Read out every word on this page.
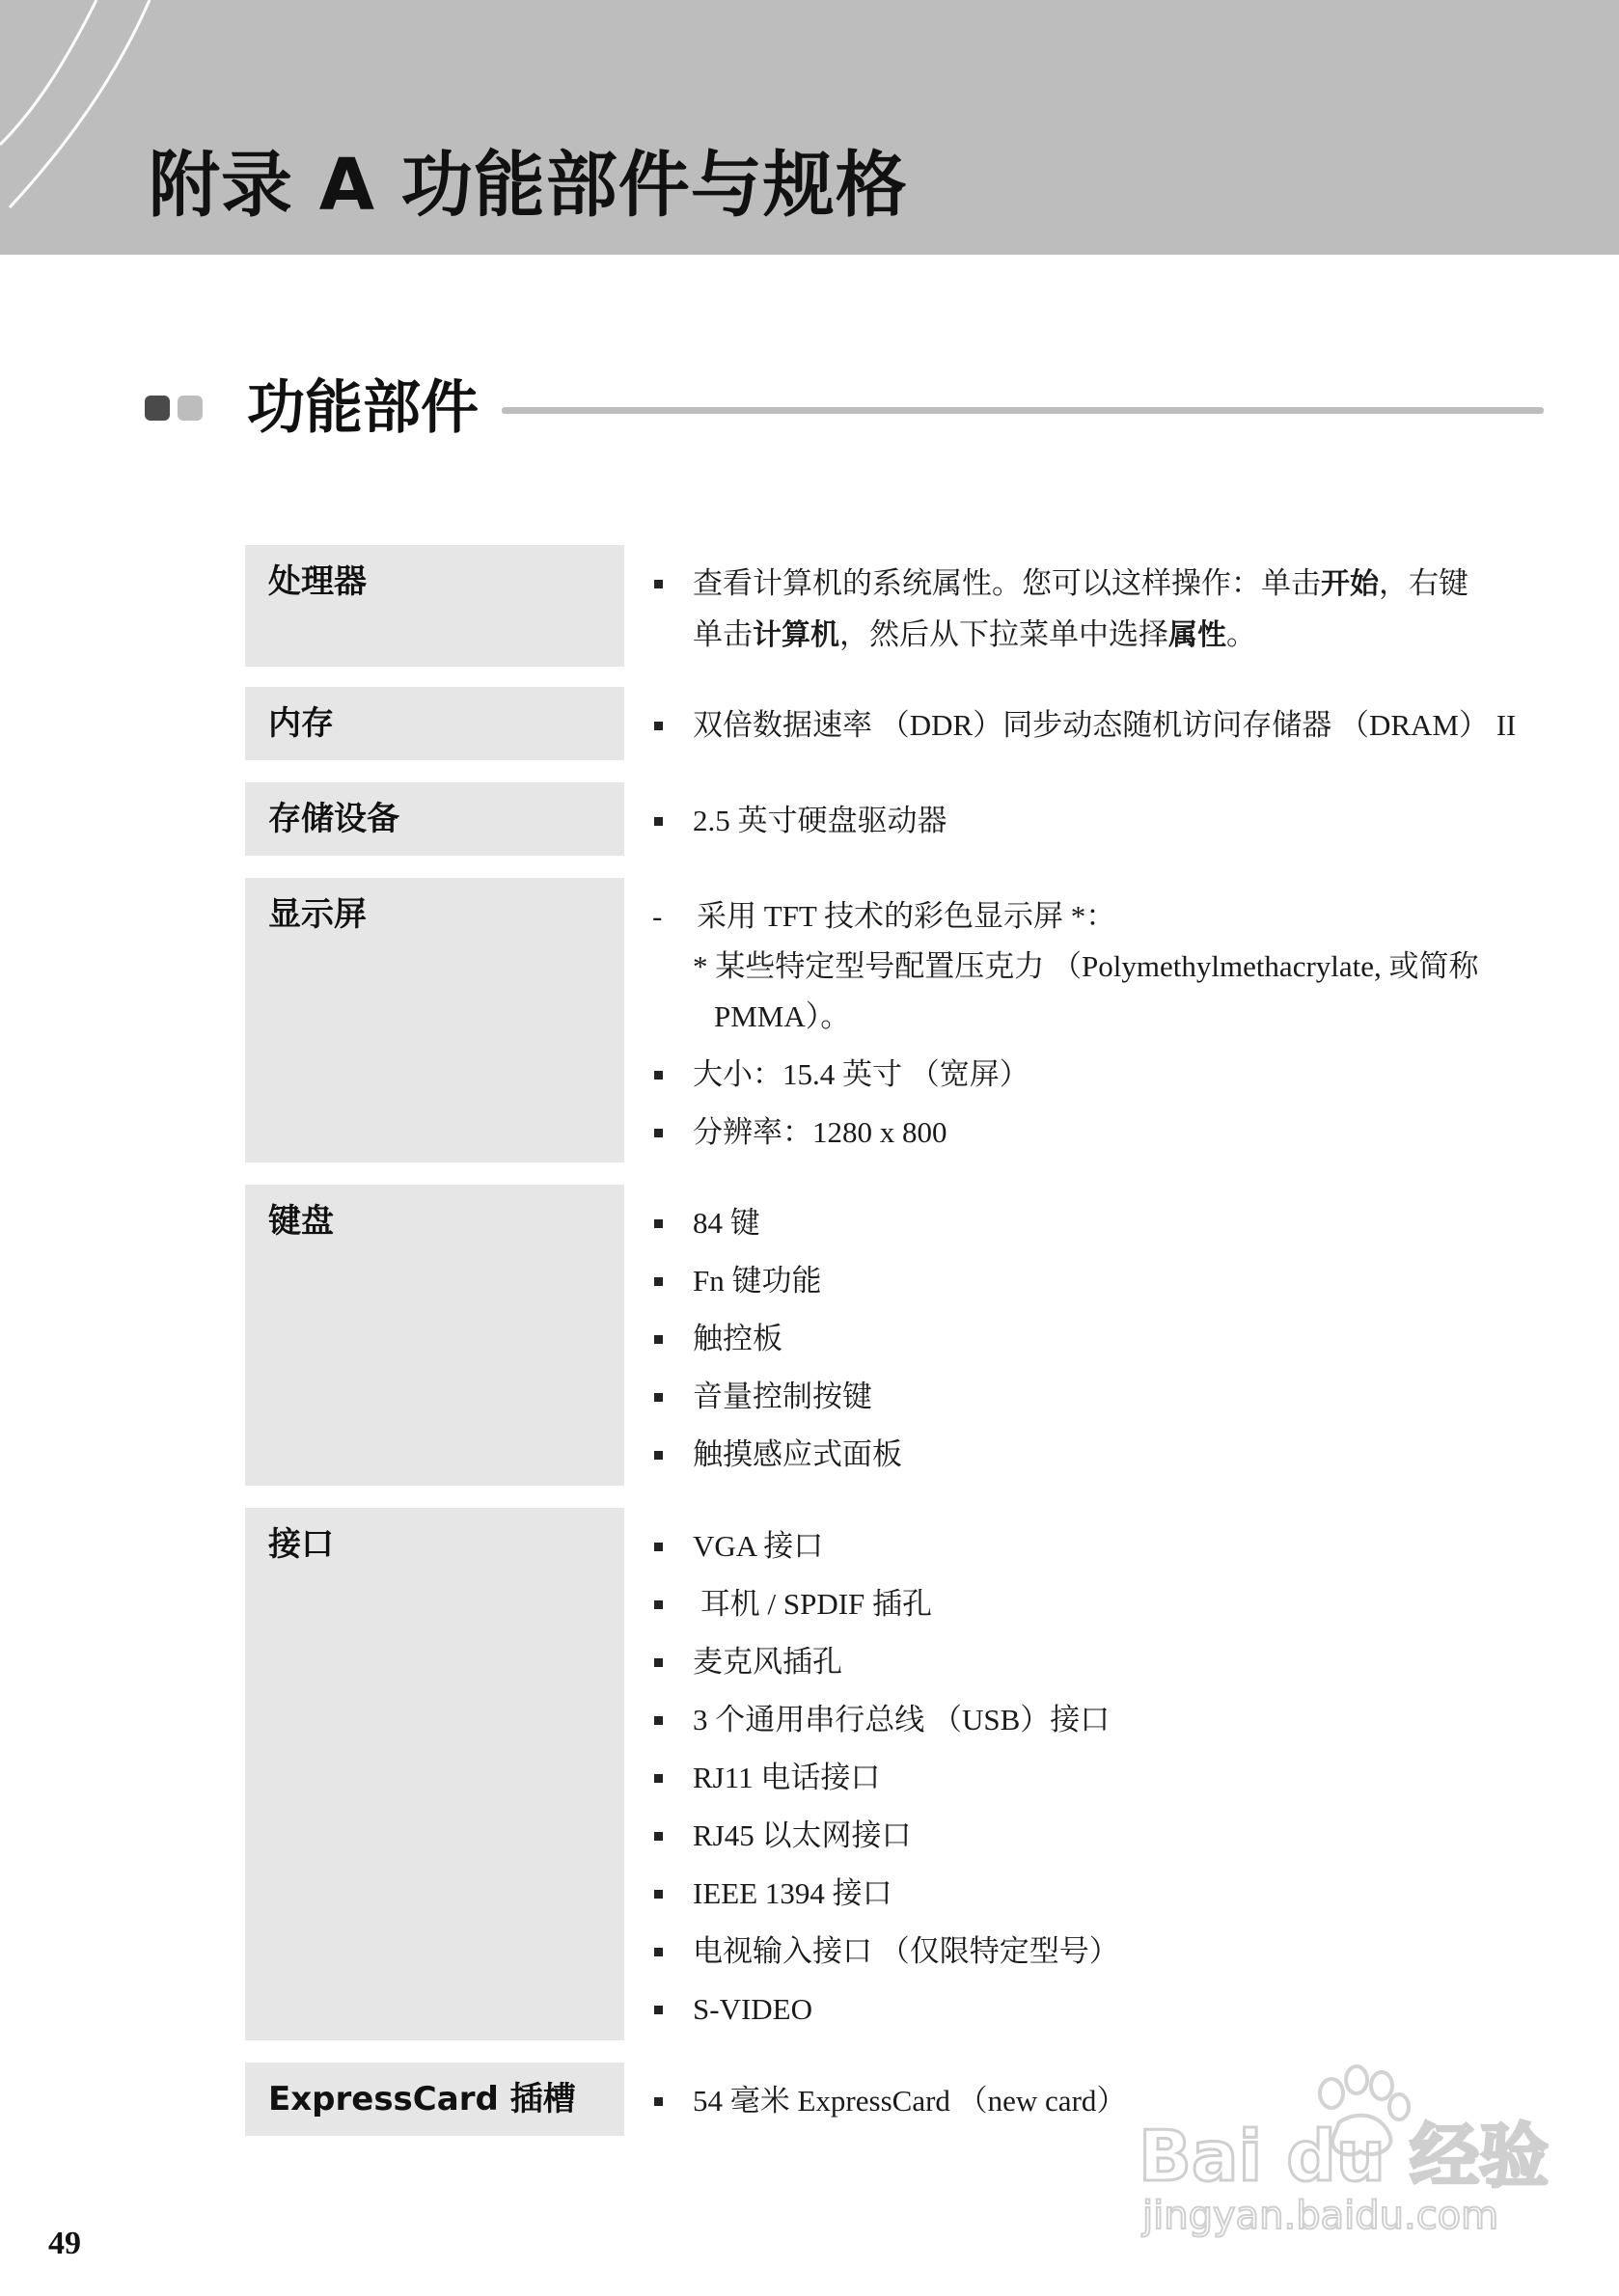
附录 A 功能部件与规格
功能部件
处理器	查看计算机的系统属性。您可以这样操作：单击开始，右键
单击计算机，然后从下拉菜单中选择属性。
内存	双倍数据速率 （DDR）同步动态随机访问存储器 （DRAM） II
存储设备	2.5 英寸硬盘驱动器
显示屏	- 采用 TFT 技术的彩色显示屏 *：
* 某些特定型号配置压克力 （Polymethylmethacrylate, 或简称
PMMA）。
大小：15.4 英寸 （宽屏）
分辨率：1280 x 800
键盘	84 键
Fn 键功能
触控板
音量控制按键
触摸感应式面板
接口	VGA 接口
耳机 / SPDIF 插孔
麦克风插孔
3 个通用串行总线 （USB）接口
RJ11 电话接口
RJ45 以太网接口
IEEE 1394 接口
电视输入接口 （仅限特定型号）
S-VIDEO
ExpressCard 插槽	54 毫米 ExpressCard （new card）
49
Bai du 经验
jingyan.baidu.com
